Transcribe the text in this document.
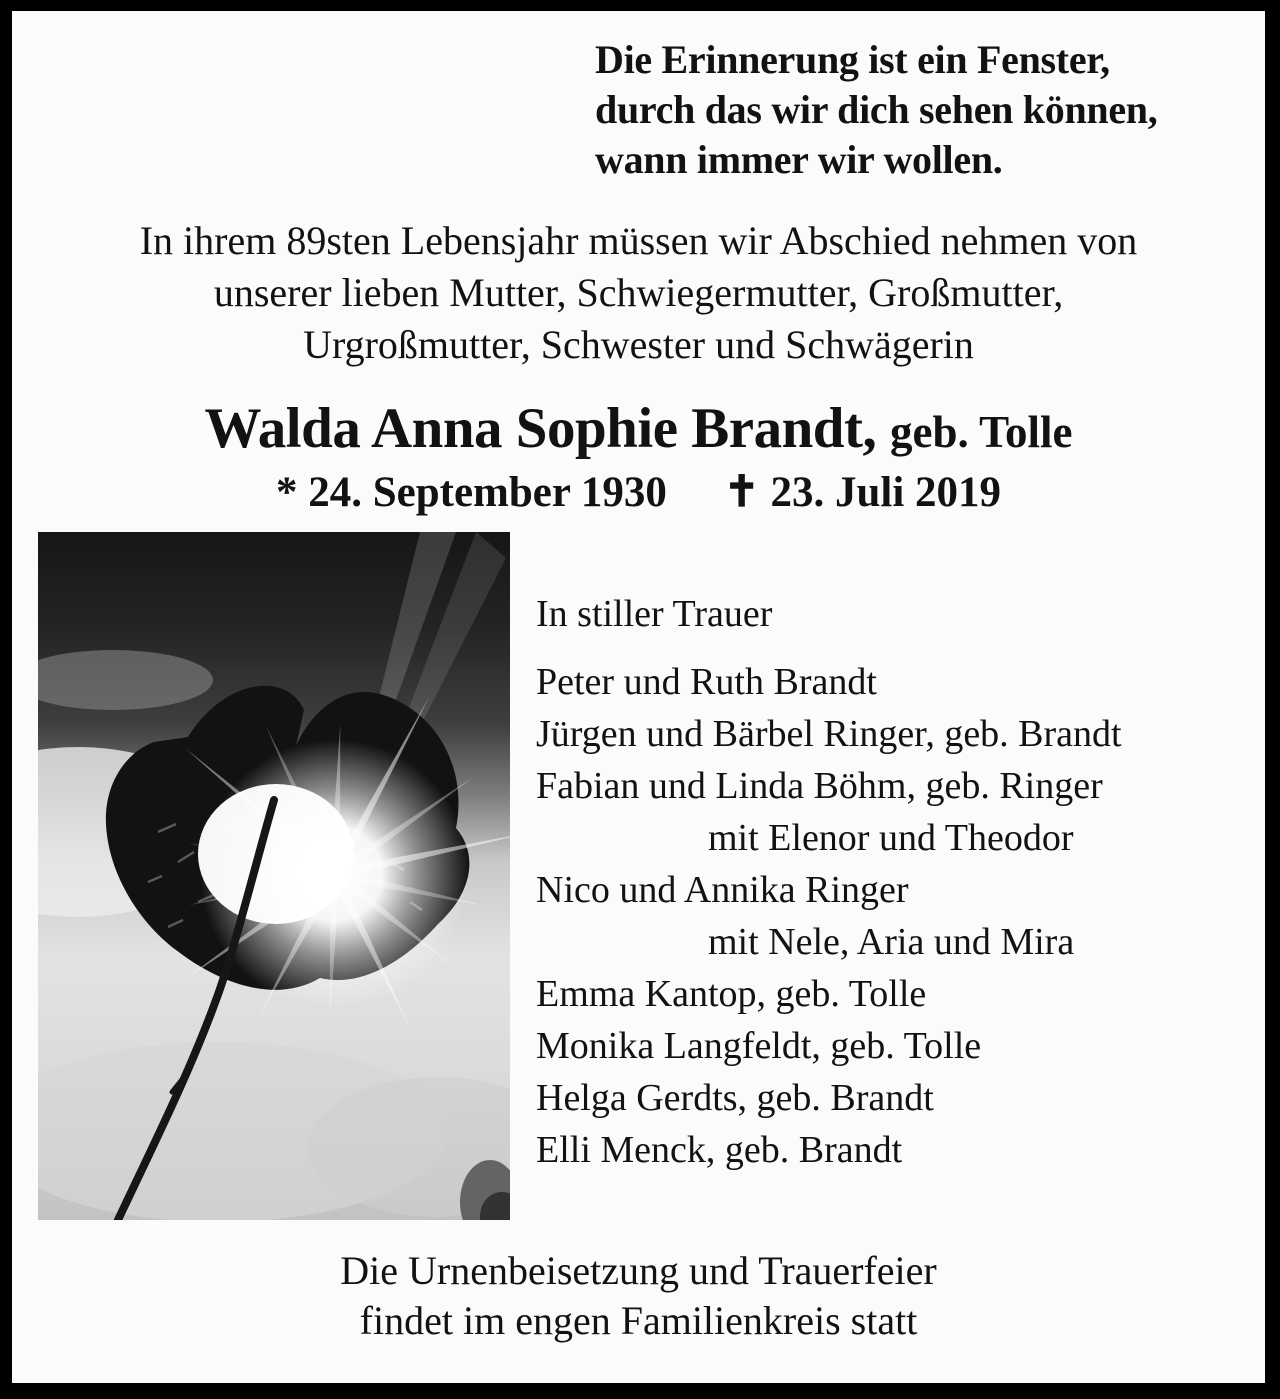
Die Erinnerung ist ein Fenster,
durch das wir dich sehen können,
wann immer wir wollen.
In ihrem 89sten Lebensjahr müssen wir Abschied nehmen von
unserer lieben Mutter, Schwiegermutter, Großmutter,
Urgroßmutter, Schwester und Schwägerin
Walda Anna Sophie Brandt, geb. Tolle
* 24. September 1930 ✝ 23. Juli 2019
In stiller Trauer
Peter und Ruth Brandt
Jürgen und Bärbel Ringer, geb. Brandt
Fabian und Linda Böhm, geb. Ringer
mit Elenor und Theodor
Nico und Annika Ringer
mit Nele, Aria und Mira
Emma Kantop, geb. Tolle
Monika Langfeldt, geb. Tolle
Helga Gerdts, geb. Brandt
Elli Menck, geb. Brandt
Die Urnenbeisetzung und Trauerfeier
findet im engen Familienkreis statt
